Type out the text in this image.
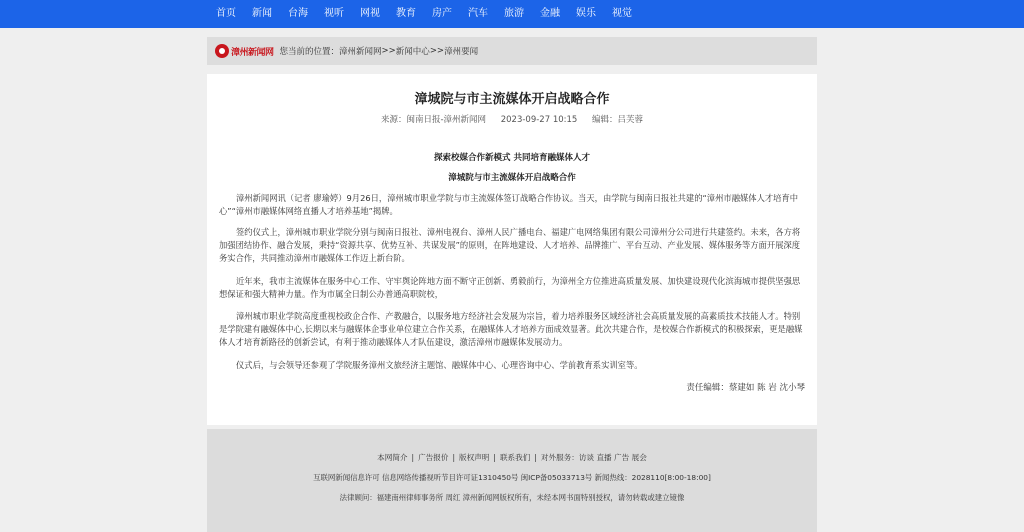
首页	新闻	台海	视听	网视	教育	房产	汽车	旅游	金融	娱乐	视觉
漳州新闻网 您当前的位置： 漳州新闻网 >> 新闻中心 >> 漳州要闻
漳城院与市主流媒体开启战略合作
来源：闽南日报-漳州新闻网 2023-09-27 10:15 编辑：吕芙蓉
探索校媒合作新模式 共同培育融媒体人才
漳城院与市主流媒体开启战略合作

漳州新闻网讯（记者 廖瑜婷）9月26日，漳州城市职业学院与市主流媒体签订战略合作协议。当天，由学院与闽南日报社共建的“漳州市融媒体人才培育中心”“漳州市融媒体网络直播人才培养基地”揭牌。

签约仪式上，漳州城市职业学院分别与闽南日报社、漳州电视台、漳州人民广播电台、福建广电网络集团有限公司漳州分公司进行共建签约。未来，各方将加强团结协作、融合发展，秉持“资源共享、优势互补、共谋发展”的原则，在阵地建设、人才培养、品牌推广、平台互动、产业发展、媒体服务等方面开展深度务实合作，共同推动漳州市融媒体工作迈上新台阶。

近年来，我市主流媒体在服务中心工作、守牢舆论阵地方面不断守正创新、勇毅前行，为漳州全方位推进高质量发展、加快建设现代化滨海城市提供坚强思想保证和强大精神力量。作为市属全日制公办普通高职院校，

漳州城市职业学院高度重视校政企合作、产教融合，以服务地方经济社会发展为宗旨，着力培养服务区域经济社会高质量发展的高素质技术技能人才。特别是学院建有融媒体中心,长期以来与融媒体企事业单位建立合作关系，在融媒体人才培养方面成效显著。此次共建合作，是校媒合作新模式的积极探索，更是融媒体人才培育新路径的创新尝试，有利于推动融媒体人才队伍建设，激活漳州市融媒体发展动力。

仪式后，与会领导还参观了学院服务漳州文旅经济主题馆、融媒体中心、心理咨询中心、学前教育系实训室等。

责任编辑：蔡建如 陈 岩 沈小琴
本网简介 | 广告报价 | 版权声明 | 联系我们 | 对外服务：访谈 直播 广告 展会
互联网新闻信息许可 信息网络传播视听节目许可证1310450号 闽ICP备05033713号 新闻热线：2028110[8:00-18:00]
法律顾问：福建南州律师事务所 周红 漳州新闻网版权所有，未经本网书面特别授权，请勿转载或建立镜像
